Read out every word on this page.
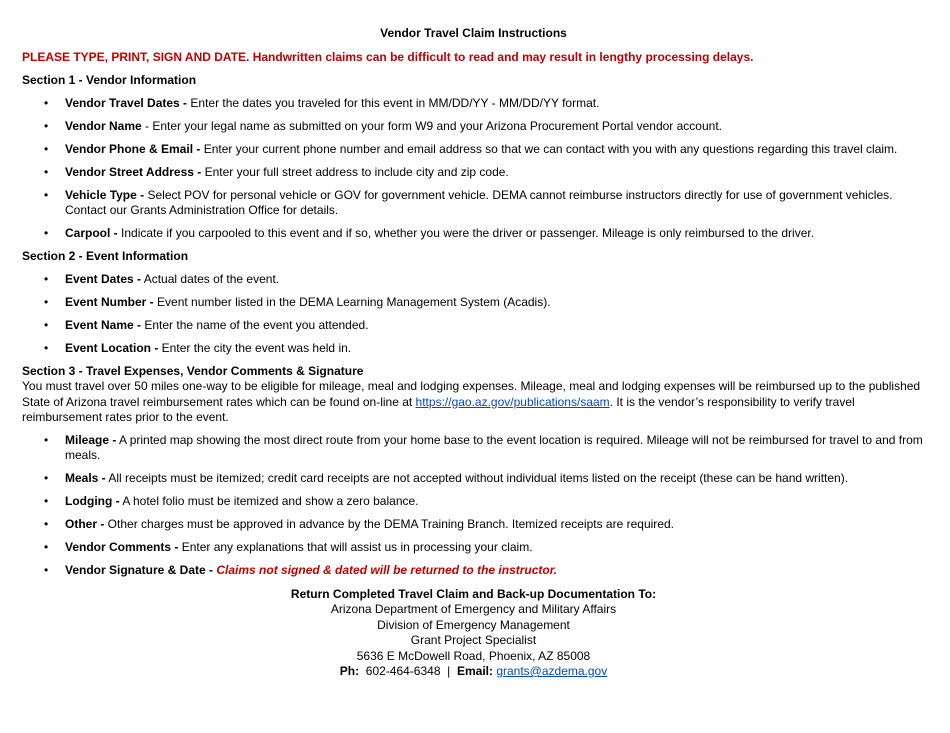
Vendor Travel Claim Instructions
PLEASE TYPE, PRINT, SIGN AND DATE. Handwritten claims can be difficult to read and may result in lengthy processing delays.
Section 1 - Vendor Information
• Vendor Travel Dates - Enter the dates you traveled for this event in MM/DD/YY - MM/DD/YY format.
• Vendor Name - Enter your legal name as submitted on your form W9 and your Arizona Procurement Portal vendor account.
• Vendor Phone & Email - Enter your current phone number and email address so that we can contact with you with any questions regarding this travel claim.
• Vendor Street Address - Enter your full street address to include city and zip code.
• Vehicle Type - Select POV for personal vehicle or GOV for government vehicle. DEMA cannot reimburse instructors directly for use of government vehicles. Contact our Grants Administration Office for details.
• Carpool - Indicate if you carpooled to this event and if so, whether you were the driver or passenger. Mileage is only reimbursed to the driver.
Section 2 - Event Information
• Event Dates - Actual dates of the event.
• Event Number - Event number listed in the DEMA Learning Management System (Acadis).
• Event Name - Enter the name of the event you attended.
• Event Location - Enter the city the event was held in.
Section 3 - Travel Expenses, Vendor Comments & Signature
You must travel over 50 miles one-way to be eligible for mileage, meal and lodging expenses. Mileage, meal and lodging expenses will be reimbursed up to the published State of Arizona travel reimbursement rates which can be found on-line at https://gao.az.gov/publications/saam. It is the vendor’s responsibility to verify travel reimbursement rates prior to the event.
• Mileage - A printed map showing the most direct route from your home base to the event location is required. Mileage will not be reimbursed for travel to and from meals.
• Meals - All receipts must be itemized; credit card receipts are not accepted without individual items listed on the receipt (these can be hand written).
• Lodging - A hotel folio must be itemized and show a zero balance.
• Other - Other charges must be approved in advance by the DEMA Training Branch. Itemized receipts are required.
• Vendor Comments - Enter any explanations that will assist us in processing your claim.
• Vendor Signature & Date - Claims not signed & dated will be returned to the instructor.
Return Completed Travel Claim and Back-up Documentation To:
Arizona Department of Emergency and Military Affairs
Division of Emergency Management
Grant Project Specialist
5636 E McDowell Road, Phoenix, AZ 85008
Ph: 602-464-6348 | Email: grants@azdema.gov
